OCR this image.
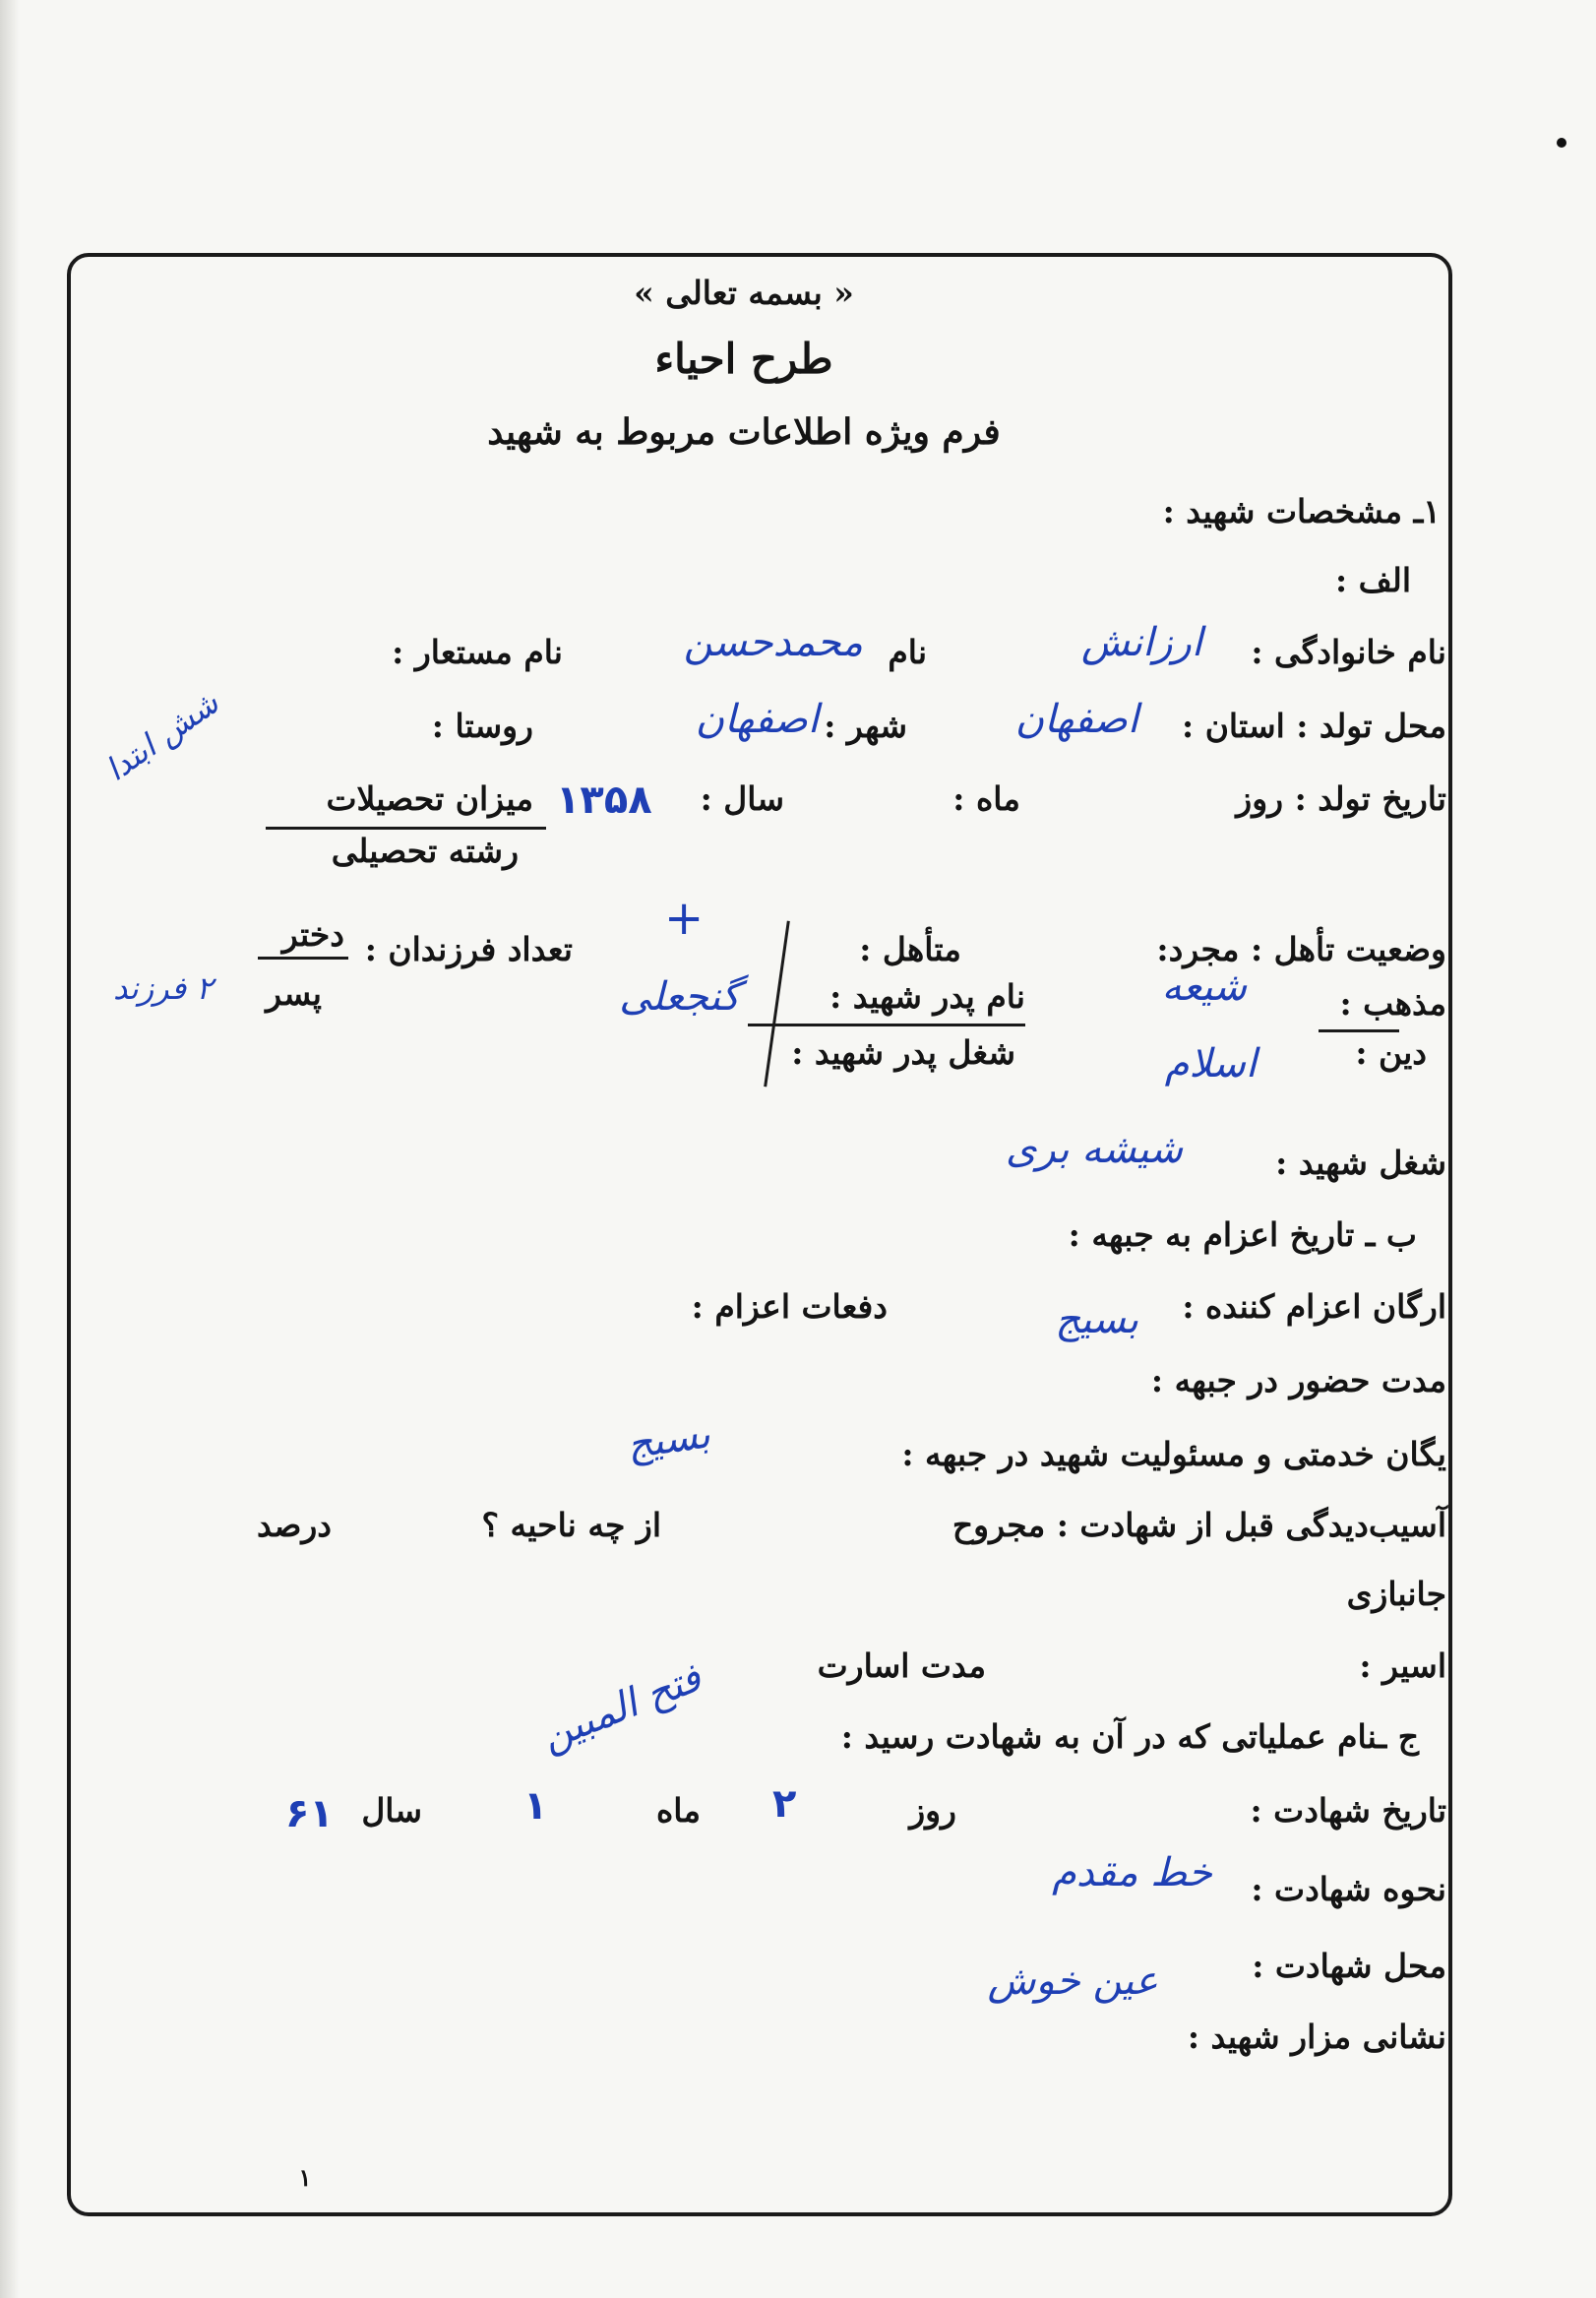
« بسمه تعالی »
طرح احیاء
فرم ویژه اطلاعات مربوط به شهید
۱ـ مشخصات شهید :
الف :
نام خانوادگی :
ارزانش
نام
محمدحسن
نام مستعار :
محل تولد : استان :
اصفهان
شهر :
اصفهان
روستا :
تاریخ تولد : روز
ماه :
سال :
۱۳۵۸
میزان تحصیلات
رشته تحصیلی
شش ابتدا
وضعیت تأهل : مجرد:
متأهل :
+
تعداد فرزندان :
دختر
پسر
۲ فرزند	مذهب :
شیعه
نام پدر شهید :
گنجعلی
دین :
اسلام
شغل پدر شهید :
شغل شهید :
شیشه بری
ب ـ تاریخ اعزام به جبهه :
ارگان اعزام کننده :
بسیج
دفعات اعزام :
مدت حضور در جبهه :
یگان خدمتی و مسئولیت شهید در جبهه :
بسیج
آسیب‌دیدگی قبل از شهادت : مجروح
از چه ناحیه ؟
درصد
جانبازی
اسیر :
مدت اسارت
ج ـنام عملیاتی که در آن به شهادت رسید :
فتح المبین
تاریخ شهادت :
روز
۲
ماه
۱
سال
۶۱
نحوه شهادت :
خط مقدم
محل شهادت :
عین خوش
نشانی مزار شهید :
۱
